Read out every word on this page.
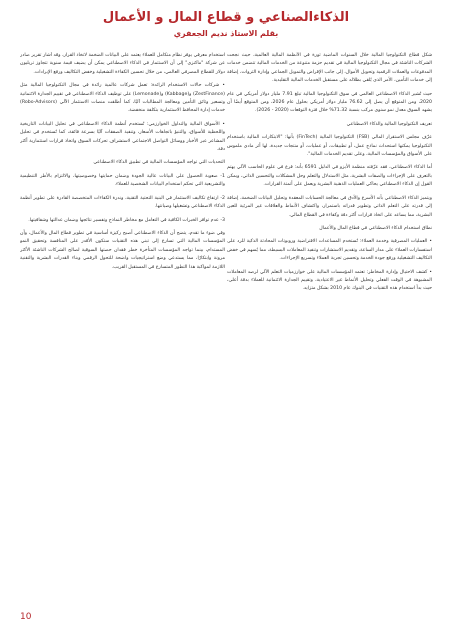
الذكاءالصناعي و قطاع المال و الأعمال
بقلم الاستاذ نديم الجعفري

شكل قطاع التكنولوجيا المالية خلال السنوات الماضية ثورة في الأنظمة المالية العالمية، حيث نجحت الشركات الناشئة في مجال التكنولوجيا المالية في تقديم حزمة متنوعة من الخدمات المالية تتضمن خدمات المدفوعات والعملات الرقمية وتحويل الأموال، إلى جانب الإقراض والتمويل الجماعي وإدارة الثروات، إضافة إلى خدمات التأمين، الأمر الذي يُلقي بظلاله على مستقبل الخدمات المالية التقليدية.

حيث تُشير الذكاء الاصطناعي العالمي في سوق التكنولوجيا المالية تبلغ 7.91 مليار دولار أمريكي في عام 2020، ومن المتوقع أن يصل إلى 76.62 مليار دولار أمريكي بحلول عام 2026، ومن المتوقع أيضًا أن يشهد السوق معدل نمو سنوي مركب بنسبة 71.32% خلال فترة التوقعات (2020 - 2026).

تعريف التكنولوجيا المالية والذكاء الاصطناعي

عرّف مجلس الاستقرار المالي (FSB) التكنولوجيا المالية (FinTech) بأنها: "الابتكارات المالية باستخدام التكنولوجيا يمكنها استحداث نماذج عمل، أو تطبيقات، أو عمليات، أو منتجات جديدة، لها أثر مادي ملموس على الأسواق والمؤسسات المالية، وعلى تقديم الخدمات المالية".

أما الذكاء الاصطناعي، فقد عرّفته منظمة الأيزو في الدليل 6591 بأنه: فرع في علوم الحاسب الآلي يهتم بالتعرف على الإجراءات والصفات البشرية، مثل الاستدلال والتعلم وحل المشكلات والتحسين الذاتي، ويمكن القول إن الذكاء الاصطناعي يحاكي العمليات الذهنية البشرية ويعمل على أتمتة القرارات.

ويتميز الذكاء الاصطناعي بأنه الأسرع والأدق في معالجة الحسابات المعقدة وتحليل البيانات الضخمة، إضافة إلى قدرته على التعلم الذاتي وتطوير قدراته باستمرار، واكتشاف الأنماط والعلاقات غير المرئية للعين البشرية، مما يساعد على اتخاذ قرارات أكثر دقة وكفاءة في القطاع المالي.

نطاق استخدام الذكاء الاصطناعي في قطاع المال والأعمال

• العمليات المصرفية وخدمة العملاء: تُستخدم المساعدات الافتراضية وروبوتات المحادثة الذكية للرد على استفسارات العملاء على مدار الساعة، وتقديم الاستشارات وتنفيذ المعاملات البسيطة، مما يُسهم في خفض التكاليف التشغيلية ورفع جودة الخدمة وتحسين تجربة العملاء وتسريع الإجراءات.

• كشف الاحتيال وإدارة المخاطر: تعتمد المؤسسات المالية على خوارزميات التعلم الآلي لرصد المعاملات المشبوهة في الوقت الفعلي وتحليل الأنماط غير الاعتيادية، وتقييم الجدارة الائتمانية للعملاء بدقة أعلى، حيث بدأ استخدام هذه التقنيات في البنوك عام 2010 بشكل متزايد.

استخدام معرفي يوفر نظام متكامل للعملاء يعتمد على البيانات الضخمة لاتخاذ القرار، وقد أشار تقرير صادر عن شركة "ماكنزي" إلى أن الاستثمار في الذكاء الاصطناعي يمكن أن يضيف قيمة سنوية تتجاوز تريليون دولار للقطاع المصرفي العالمي، من خلال تحسين الكفاءة التشغيلية وخفض التكاليف ورفع الإيرادات.

• شركات حالات الاستخدام الرائدة: تعمل شركات عالمية رائدة في مجال التكنولوجيا المالية مثل (ZestFinance) و(Kabbage) و(Lemonade) على توظيف الذكاء الاصطناعي في تقييم الجدارة الائتمانية وتسعير وثائق التأمين ومعالجة المطالبات آليًا، كما أطلقت منصات الاستثمار الآلي (Robo-Advisors) خدمات إدارة المحافظ الاستثمارية بتكلفة منخفضة.

• الأسواق المالية والتداول الخوارزمي: تُستخدم أنظمة الذكاء الاصطناعي في تحليل البيانات التاريخية واللحظية للأسواق، والتنبؤ باتجاهات الأسعار، وتنفيذ الصفقات آليًا بسرعة فائقة، كما تُستخدم في تحليل المشاعر عبر الأخبار ووسائل التواصل الاجتماعي لاستشراف تحركات السوق واتخاذ قرارات استثمارية أكثر دقة.

التحديات التي تواجه المؤسسات المالية في تطبيق الذكاء الاصطناعي

1- صعوبة الحصول على البيانات عالية الجودة وضمان حمايتها وخصوصيتها، والالتزام بالأطر التنظيمية والتشريعية التي تحكم استخدام البيانات الشخصية للعملاء.

2- ارتفاع تكاليف الاستثمار في البنية التحتية التقنية، وندرة الكفاءات المتخصصة القادرة على تطوير أنظمة الذكاء الاصطناعي وتشغيلها وصيانتها.

3- عدم توافر الخبرات الكافية في التعامل مع مخاطر النماذج وتفسير نتائجها وضمان عدالتها وشفافيتها.

وفي ضوء ما تقدم، يتضح أن الذكاء الاصطناعي أصبح ركيزة أساسية في تطوير قطاع المال والأعمال، وأن المؤسسات المالية التي تسارع إلى تبني هذه التقنيات ستكون الأقدر على المنافسة وتحقيق النمو المستدام، بينما تواجه المؤسسات المتأخرة خطر فقدان حصتها السوقية لصالح الشركات الناشئة الأكثر مرونة وابتكارًا، مما يستدعي وضع استراتيجيات واضحة للتحول الرقمي وبناء القدرات البشرية والتقنية اللازمة لمواكبة هذا التطور المتسارع في المستقبل القريب.

10
